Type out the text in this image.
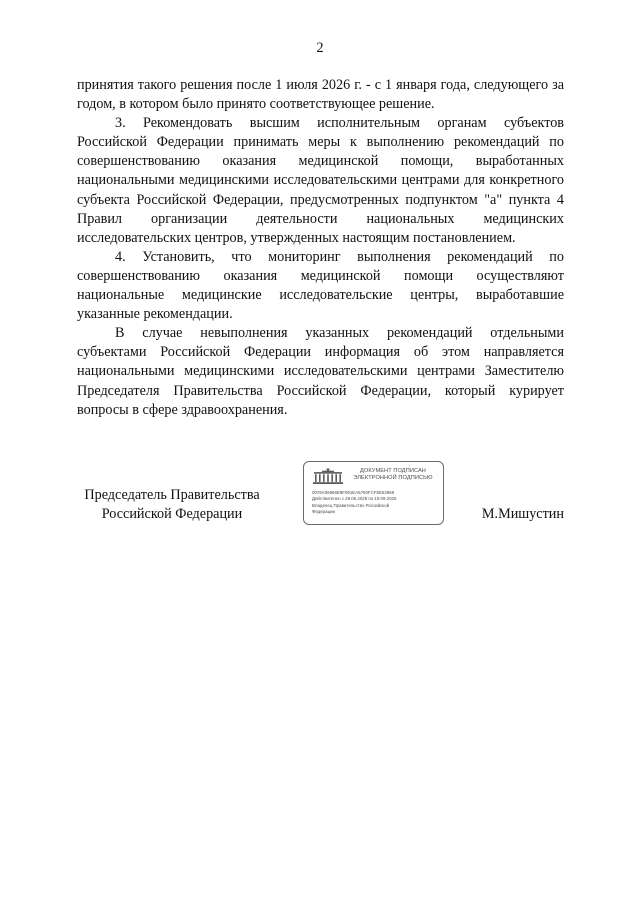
2

принятия такого решения после 1 июля 2026 г. - с 1 января года, следующего за годом, в котором было принято соответствующее решение.

3. Рекомендовать высшим исполнительным органам субъектов Российской Федерации принимать меры к выполнению рекомендаций по совершенствованию оказания медицинской помощи, выработанных национальными медицинскими исследовательскими центрами для конкретного субъекта Российской Федерации, предусмотренных подпунктом "а" пункта 4 Правил организации деятельности национальных медицинских исследовательских центров, утвержденных настоящим постановлением.

4. Установить, что мониторинг выполнения рекомендаций по совершенствованию оказания медицинской помощи осуществляют национальные медицинские исследовательские центры, выработавшие указанные рекомендации.

В случае невыполнения указанных рекомендаций отдельными субъектами Российской Федерации информация об этом направляется национальными медицинскими исследовательскими центрами Заместителю Председателя Правительства Российской Федерации, который курирует вопросы в сфере здравоохранения.

Председатель Правительства
Российской Федерации
ДОКУМЕНТ ПОДПИСАН
ЭЛЕКТРОННОЙ ПОДПИСЬЮ
0076A06966E8F091EA5760FCF6E53968
Действителен с 28.06.2025 по 19.09.2026
Владелец Правительство Российской
Федерации	М.Мишустин
